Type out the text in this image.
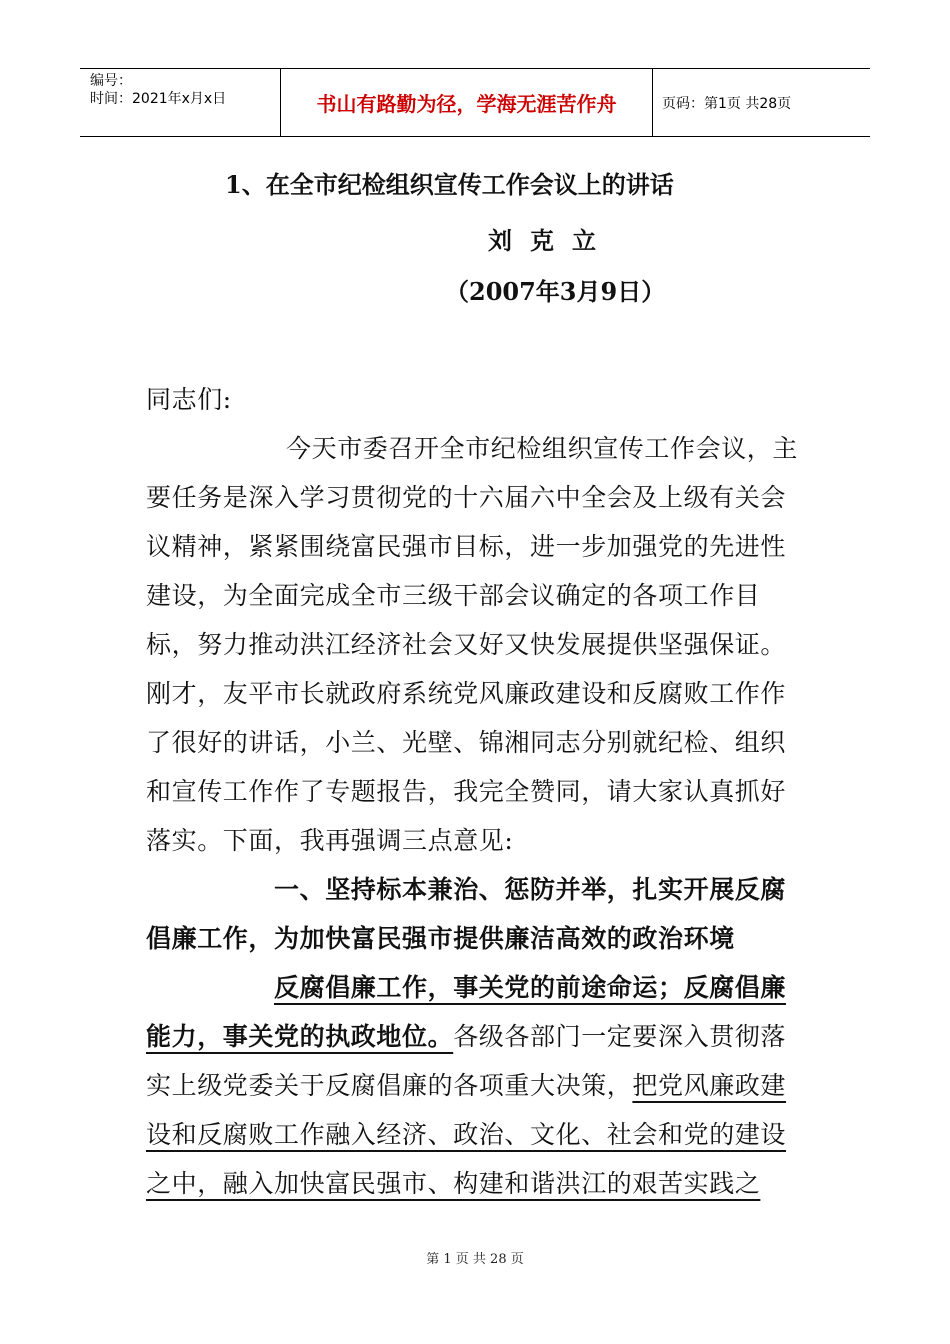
编号：
时间：2021年x月x日	书山有路勤为径，学海无涯苦作舟	页码：第1页 共28页
1、在全市纪检组织宣传工作会议上的讲话
刘克立
（2007年3月9日）
同志们:
今天市委召开全市纪检组织宣传工作会议，主要任务是深入学习贯彻党的十六届六中全会及上级有关会议精神，紧紧围绕富民强市目标，进一步加强党的先进性建设，为全面完成全市三级干部会议确定的各项工作目标，努力推动洪江经济社会又好又快发展提供坚强保证。刚才，友平市长就政府系统党风廉政建设和反腐败工作作了很好的讲话，小兰、光壁、锦湘同志分别就纪检、组织和宣传工作作了专题报告，我完全赞同，请大家认真抓好落实。下面，我再强调三点意见:
一、坚持标本兼治、惩防并举，扎实开展反腐倡廉工作，为加快富民强市提供廉洁高效的政治环境
反腐倡廉工作，事关党的前途命运；反腐倡廉能力，事关党的执政地位。各级各部门一定要深入贯彻落实上级党委关于反腐倡廉的各项重大决策，把党风廉政建设和反腐败工作融入经济、政治、文化、社会和党的建设之中，融入加快富民强市、构建和谐洪江的艰苦实践之
第 1 页 共 28 页
